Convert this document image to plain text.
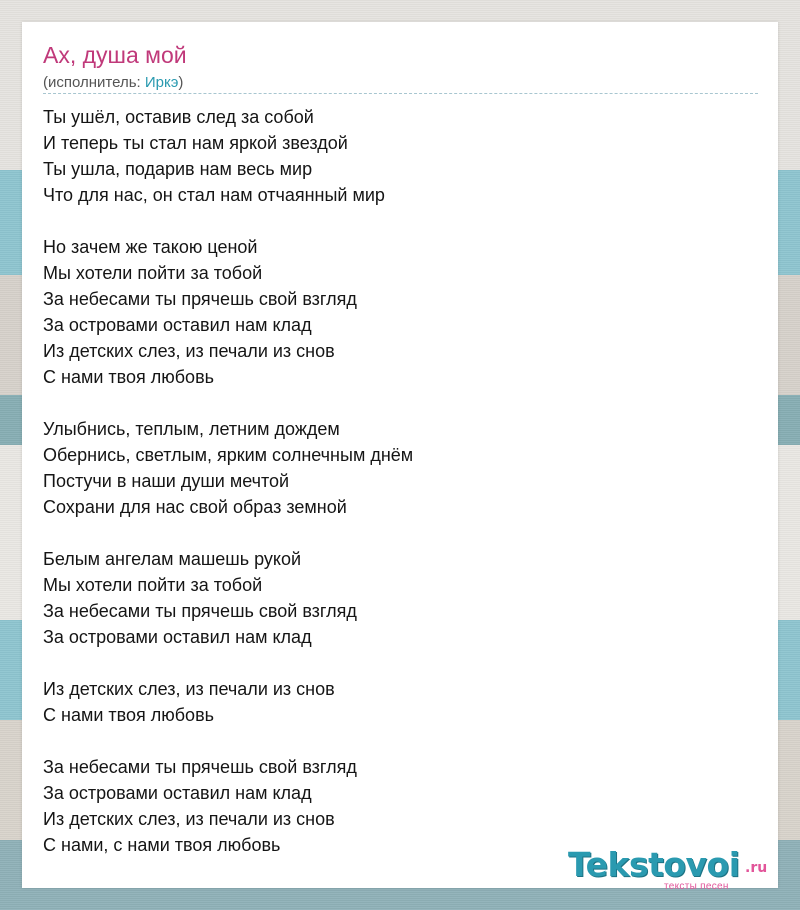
Ах, душа мой
(исполнитель: Иркэ)
Ты ушёл, оставив след за собой
И теперь ты стал нам яркой звездой
Ты ушла, подарив нам весь мир
Что для нас, он стал нам отчаянный мир
Но зачем же такою ценой
Мы хотели пойти за тобой
За небесами ты прячешь свой взгляд
За островами оставил нам клад
Из детских слез, из печали из снов
С нами твоя любовь
Улыбнись, теплым, летним дождем
Обернись, светлым, ярким солнечным днём
Постучи в наши души мечтой
Сохрани для нас свой образ земной
Белым ангелам машешь рукой
Мы хотели пойти за тобой
За небесами ты прячешь свой взгляд
За островами оставил нам клад
Из детских слез, из печали из снов
С нами твоя любовь
За небесами ты прячешь свой взгляд
За островами оставил нам клад
Из детских слез, из печали из снов
С нами, с нами твоя любовь	Tekstovoi .ru
тексты песен
